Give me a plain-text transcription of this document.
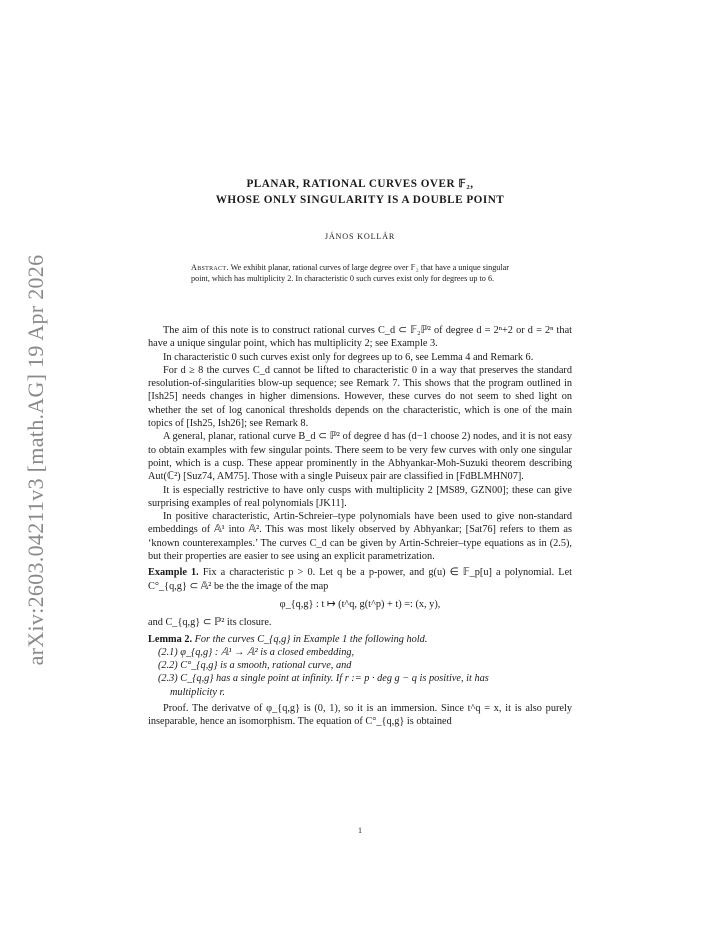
arXiv:2603.04211v3 [math.AG] 19 Apr 2026
PLANAR, RATIONAL CURVES OVER 𝔽₂,
WHOSE ONLY SINGULARITY IS A DOUBLE POINT
JÁNOS KOLLÁR
Abstract. We exhibit planar, rational curves of large degree over 𝔽₂ that have a unique singular point, which has multiplicity 2. In characteristic 0 such curves exist only for degrees up to 6.

The aim of this note is to construct rational curves C_d ⊂ 𝔽₂ℙ² of degree d = 2ⁿ+2 or d = 2ⁿ that have a unique singular point, which has multiplicity 2; see Example 3.

In characteristic 0 such curves exist only for degrees up to 6, see Lemma 4 and Remark 6.

For d ≥ 8 the curves C_d cannot be lifted to characteristic 0 in a way that preserves the standard resolution-of-singularities blow-up sequence; see Remark 7. This shows that the program outlined in [Ish25] needs changes in higher dimensions. However, these curves do not seem to shed light on whether the set of log canonical thresholds depends on the characteristic, which is one of the main topics of [Ish25, Ish26]; see Remark 8.

A general, planar, rational curve B_d ⊂ ℙ² of degree d has (d−1 choose 2) nodes, and it is not easy to obtain examples with few singular points. There seem to be very few curves with only one singular point, which is a cusp. These appear prominently in the Abhyankar-Moh-Suzuki theorem describing Aut(ℂ²) [Suz74, AM75]. Those with a single Puiseux pair are classified in [FdBLMHN07].

It is especially restrictive to have only cusps with multiplicity 2 [MS89, GZN00]; these can give surprising examples of real polynomials [JK11].

In positive characteristic, Artin-Schreier–type polynomials have been used to give non-standard embeddings of 𝔸¹ into 𝔸². This was most likely observed by Abhyankar; [Sat76] refers to them as ‘known counterexamples.’ The curves C_d can be given by Artin-Schreier–type equations as in (2.5), but their properties are easier to see using an explicit parametrization.

Example 1. Fix a characteristic p > 0. Let q be a p-power, and g(u) ∈ 𝔽_p[u] a polynomial. Let C°_{q,g} ⊂ 𝔸² be the the image of the map

φ_{q,g} : t ↦ (t^q, g(t^p) + t) =: (x, y),

and C_{q,g} ⊂ ℙ² its closure.

Lemma 2. For the curves C_{q,g} in Example 1 the following hold.

(2.1) φ_{q,g} : 𝔸¹ → 𝔸² is a closed embedding,
(2.2) C°_{q,g} is a smooth, rational curve, and
(2.3) C_{q,g} has a single point at infinity. If r := p · deg g − q is positive, it has
multiplicity r.

Proof. The derivatve of φ_{q,g} is (0, 1), so it is an immersion. Since t^q = x, it is also purely inseparable, hence an isomorphism. The equation of C°_{q,g} is obtained

1
